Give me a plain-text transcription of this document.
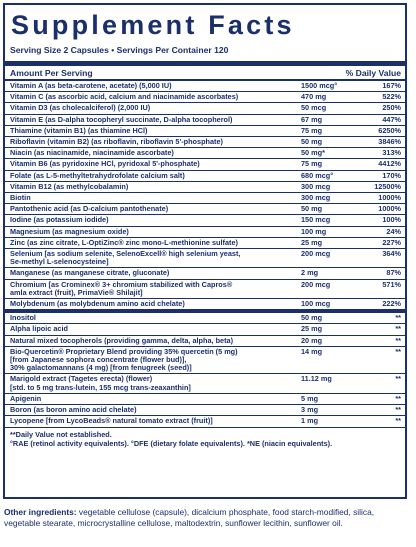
Supplement Facts
Serving Size 2 Capsules • Servings Per Container 120
Amount Per Serving	% Daily Value
Vitamin A (as beta-carotene, acetate) (5,000 IU)	1500 mcg°	167%
Vitamin C (as ascorbic acid, calcium and niacinamide ascorbates)	470 mg	522%
Vitamin D3 (as cholecalciferol) (2,000 IU)	50 mcg	250%
Vitamin E (as D-alpha tocopheryl succinate, D-alpha tocopherol)	67 mg	447%
Thiamine (vitamin B1) (as thiamine HCl)	75 mg	6250%
Riboflavin (vitamin B2) (as riboflavin, riboflavin 5'-phosphate)	50 mg	3846%
Niacin (as niacinamide, niacinamide ascorbate)	50 mg*	313%
Vitamin B6 (as pyridoxine HCl, pyridoxal 5'-phosphate)	75 mg	4412%
Folate (as L-5-methyltetrahydrofolate calcium salt)	680 mcg°	170%
Vitamin B12 (as methylcobalamin)	300 mcg	12500%
Biotin	300 mcg	1000%
Pantothenic acid (as D-calcium pantothenate)	50 mg	1000%
Iodine (as potassium iodide)	150 mcg	100%
Magnesium (as magnesium oxide)	100 mg	24%
Zinc (as zinc citrate, L-OptiZinc® zinc mono-L-methionine sulfate)	25 mg	227%
Selenium [as sodium selenite, SelenoExcell® high selenium yeast,
Se-methyl L-selenocysteine]
200 mcg	364%
Manganese (as manganese citrate, gluconate)	2 mg	87%
Chromium [as Crominex® 3+ chromium stabilized with Capros®
amla extract (fruit), PrimaVie® Shilajit]
200 mcg	571%
Molybdenum (as molybdenum amino acid chelate)	100 mcg	222%
Inositol	50 mg	**
Alpha lipoic acid	25 mg	**
Natural mixed tocopherols (providing gamma, delta, alpha, beta)	20 mg	**
Bio-Quercetin® Proprietary Blend providing 35% quercetin (5 mg)
[from Japanese sophora concentrate (flower bud)],
30% galactomannans (4 mg) [from fenugreek (seed)]
14 mg	**
Marigold extract (Tagetes erecta) (flower)
[std. to 5 mg trans-lutein, 155 mcg trans-zeaxanthin]
11.12 mg	**
Apigenin	5 mg	**
Boron (as boron amino acid chelate)	3 mg	**
Lycopene [from LycoBeads® natural tomato extract (fruit)]	1 mg	**
**Daily Value not established.
°RAE (retinol activity equivalents). °DFE (dietary folate equivalents). *NE (niacin equivalents).
Other ingredients: vegetable cellulose (capsule), dicalcium phosphate, food starch-modified, silica, vegetable stearate, microcrystalline cellulose, maltodextrin, sunflower lecithin, sunflower oil.
